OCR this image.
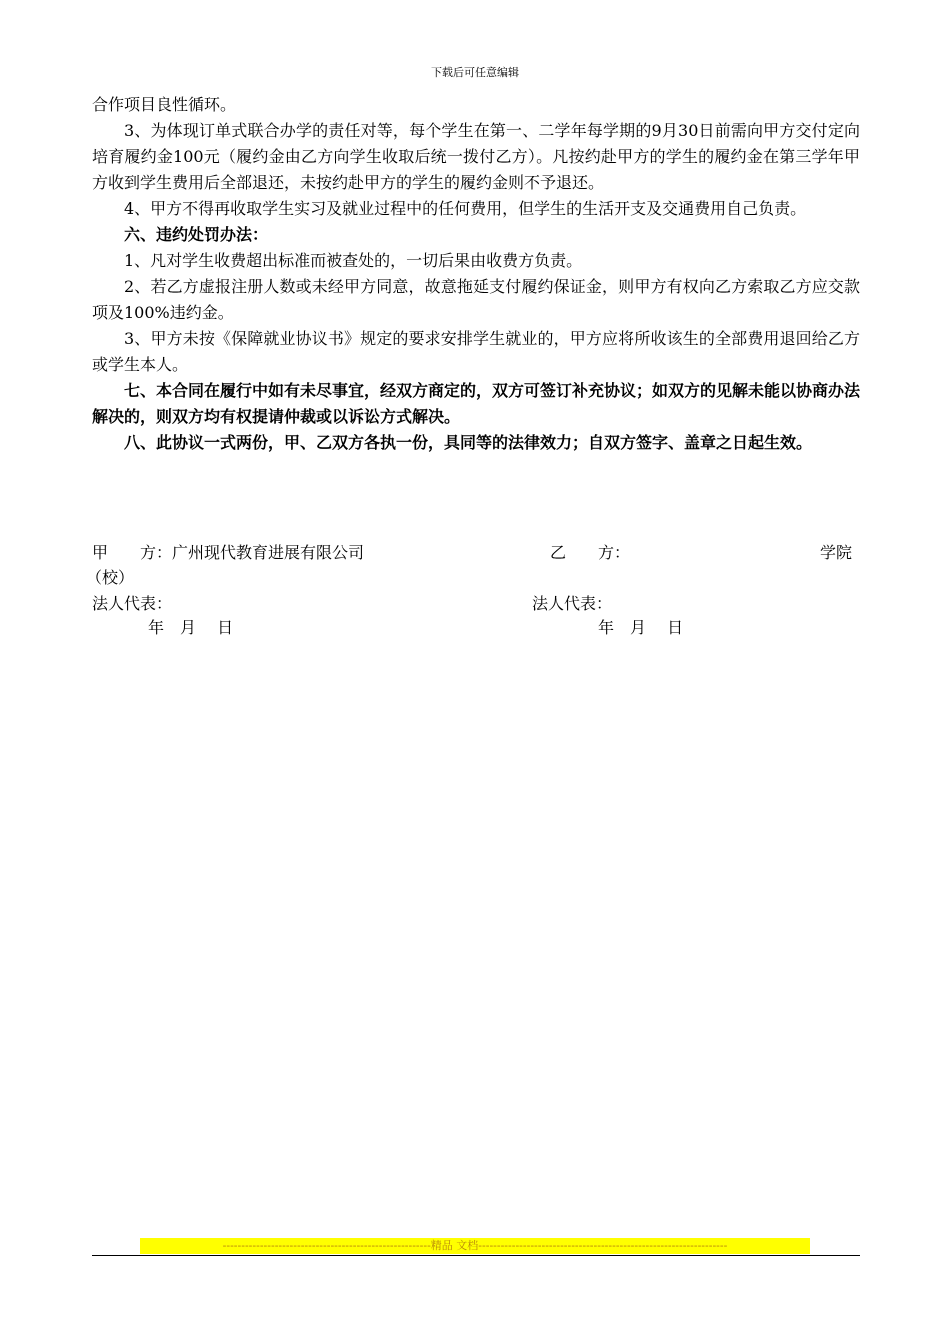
下载后可任意编辑

合作项目良性循环。

3、为体现订单式联合办学的责任对等，每个学生在第一、二学年每学期的9月30日前需向甲方交付定向培育履约金100元（履约金由乙方向学生收取后统一拨付乙方）。凡按约赴甲方的学生的履约金在第三学年甲方收到学生费用后全部退还，未按约赴甲方的学生的履约金则不予退还。

4、甲方不得再收取学生实习及就业过程中的任何费用，但学生的生活开支及交通费用自己负责。

六、违约处罚办法：

1、凡对学生收费超出标准而被查处的，一切后果由收费方负责。

2、若乙方虚报注册人数或未经甲方同意，故意拖延支付履约保证金，则甲方有权向乙方索取乙方应交款项及100%违约金。

3、甲方未按《保障就业协议书》规定的要求安排学生就业的，甲方应将所收该生的全部费用退回给乙方或学生本人。

七、本合同在履行中如有未尽事宜，经双方商定的，双方可签订补充协议；如双方的见解未能以协商办法解决的，则双方均有权提请仲裁或以诉讼方式解决。

八、此协议一式两份，甲、乙双方各执一份，具同等的法律效力；自双方签字、盖章之日起生效。

甲　　方：广州现代教育进展有限公司	乙　　方：	学院
（校）
法人代表：	法人代表：
年　月　 日	年　月　 日
--------------------------------------------------------精品 文档-------------------------------------------------------------------
